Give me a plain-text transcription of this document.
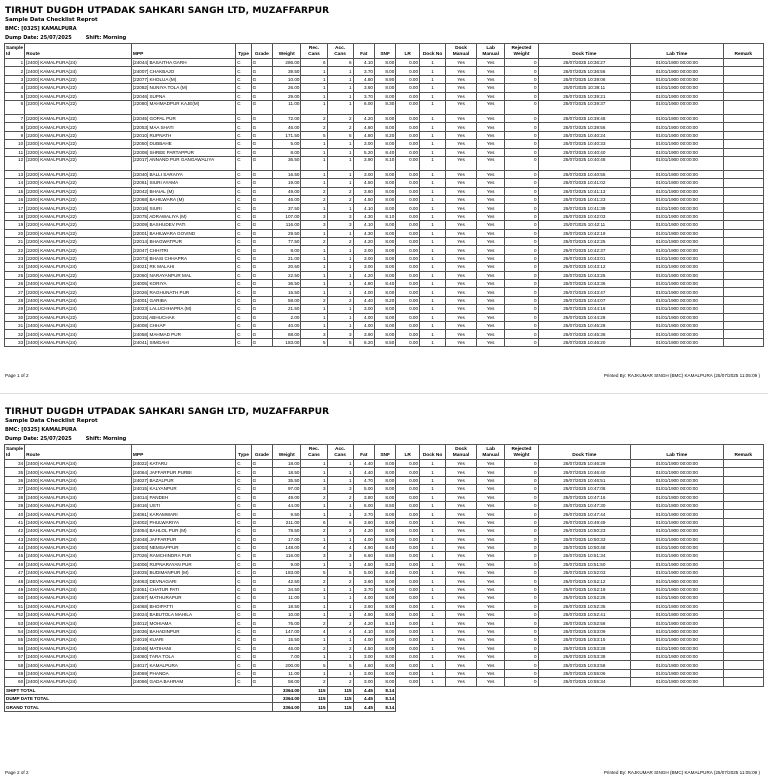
TIRHUT DUGDH UTPADAK SAHKARI SANGH LTD, MUZAFFARPUR
Sample Data Checklist Reprot
BMC: [0325] KAMALPURA
Dump Date: 25/07/2025	Shift: Morning
Sample Id	Route	MPP	Type	Grade	Weight	Rec. Cans	Acc. Cans	Fat	SNF	LR	Dock No	Dock Manual	Lab Manual	Rejected Weight	Dock Time	Lab Time	Remark
1	[2400] KAMALPURA(24)	[24044] BASAITHA GARH	C	G	286.00	6	6	4.10	8.00	0.00	1	Yes	Yes	0	25/07/2025 10:36:27	01/01/1900 00:00:00	
2	[2400] KAMALPURA(24)	[24007] CHAKBAJO	C	G	39.50	1	1	3.70	8.00	0.00	1	Yes	Yes	0	25/07/2025 10:36:56	01/01/1900 00:00:00	
3	[2200] KAMALPURA(22)	[22077] KHOLUA (M)	C	G	10.00	1	1	4.80	8.90	0.00	1	Yes	Yes	0	25/07/2025 10:39:06	01/01/1900 00:00:00	
4	[2200] KAMALPURA(22)	[22082] NUNIYA TOLA (M)	C	G	26.00	1	1	3.60	8.00	0.00	1	Yes	Yes	0	25/07/2025 10:39:11	01/01/1900 00:00:00	
5	[2200] KAMALPURA(22)	[22046] SUPNA	C	G	29.00	1	1	3.70	8.00	0.00	1	Yes	Yes	0	25/07/2025 10:39:21	01/01/1900 00:00:00	
6	[2200] KAMALPURA(22)	[22080] MAHMADPUR KAJE(M)	C	G	11.00	1	1	6.00	8.30	0.00	1	Yes	Yes	0	25/07/2025 10:39:37	01/01/1900 00:00:00	
7	[2200] KAMALPURA(22)	[22045] GOPAL PUR	C	G	72.00	2	2	4.20	8.00	0.00	1	Yes	Yes	0	25/07/2025 10:39:48	01/01/1900 00:00:00	
8	[2200] KAMALPURA(22)	[22053] MAA SHATI	C	G	46.00	2	2	4.60	8.00	0.00	1	Yes	Yes	0	25/07/2025 10:39:56	01/01/1900 00:00:00	
9	[2200] KAMALPURA(22)	[22010] RUPNATH	C	G	171.50	5	5	4.80	8.20	0.00	1	Yes	Yes	0	25/07/2025 10:40:24	01/01/1900 00:00:00	
10	[2200] KAMALPURA(22)	[22050] DUBBAHE	C	G	5.00	1	1	3.00	8.00	0.00	1	Yes	Yes	0	25/07/2025 10:40:33	01/01/1900 00:00:00	
11	[2200] KAMALPURA(22)	[22008] SHREE PARTAPPUR	C	G	8.00	1	1	5.20	8.40	0.00	1	Yes	Yes	0	25/07/2025 10:40:40	01/01/1900 00:00:00	
12	[2200] KAMALPURA(22)	[22017] ANNAND PUR GANGAWALIYA	C	G	36.50	1	1	3.90	8.10	0.00	1	Yes	Yes	0	25/07/2025 10:40:48	01/01/1900 00:00:00	
13	[2200] KAMALPURA(22)	[22040] BALLI SARAIYA	C	G	16.50	1	1	3.00	8.00	0.00	1	Yes	Yes	0	25/07/2025 10:40:55	01/01/1900 00:00:00	
14	[2200] KAMALPURA(22)	[22061] SIURI AYAMA	C	G	19.00	1	1	4.50	8.00	0.00	1	Yes	Yes	0	25/07/2025 10:41:02	01/01/1900 00:00:00	
15	[2200] KAMALPURA(22)	[22042] BHAIAL (M)	C	G	49.00	2	2	3.60	8.00	0.00	1	Yes	Yes	0	25/07/2025 10:41:13	01/01/1900 00:00:00	
16	[2200] KAMALPURA(22)	[22068] BAHILWARA (M)	C	G	46.00	2	2	4.50	8.00	0.00	1	Yes	Yes	0	25/07/2025 10:41:23	01/01/1900 00:00:00	
17	[2200] KAMALPURA(22)	[22016] SIURI	C	G	37.50	1	1	4.10	8.00	0.00	1	Yes	Yes	0	25/07/2025 10:41:39	01/01/1900 00:00:00	
18	[2200] KAMALPURA(22)	[22075] ADRAWALIYA (M)	C	G	107.00	3	3	4.30	8.10	0.00	1	Yes	Yes	0	25/07/2025 10:42:03	01/01/1900 00:00:00	
19	[2200] KAMALPURA(22)	[22009] BASHUDEV PATI	C	G	116.00	3	3	4.10	8.00	0.00	1	Yes	Yes	0	25/07/2025 10:42:11	01/01/1900 00:00:00	
20	[2200] KAMALPURA(22)	[22001] BAHILWARA GOVIND	C	G	29.50	1	1	4.30	8.00	0.00	1	Yes	Yes	0	25/07/2025 10:42:19	01/01/1900 00:00:00	
21	[2200] KAMALPURA(22)	[22014] BHAGWATPUR	C	G	77.50	2	2	4.20	8.00	0.00	1	Yes	Yes	0	25/07/2025 10:42:25	01/01/1900 00:00:00	
22	[2200] KAMALPURA(22)	[22047] CHHITRI	C	G	8.00	1	1	3.00	8.00	0.00	1	Yes	Yes	0	25/07/2025 10:42:37	01/01/1900 00:00:00	
23	[2200] KAMALPURA(22)	[22073] BHASI CHHAPRA	C	G	21.00	1	1	3.00	8.00	0.00	1	Yes	Yes	0	25/07/2025 10:43:01	01/01/1900 00:00:00	
24	[2400] KAMALPURA(24)	[24021] RK MALAHI	C	G	20.50	1	1	3.00	8.00	0.00	1	Yes	Yes	0	25/07/2025 10:43:12	01/01/1900 00:00:00	
25	[2200] KAMALPURA(22)	[22060] NARAYANPUR MAL	C	G	22.50	1	1	4.20	8.00	0.00	1	Yes	Yes	0	25/07/2025 10:43:25	01/01/1900 00:00:00	
26	[2400] KAMALPURA(24)	[24005] KORIYA	C	G	36.50	1	1	4.80	8.40	0.00	1	Yes	Yes	0	25/07/2025 10:43:36	01/01/1900 00:00:00	
27	[2200] KAMALPURA(22)	[22026] RAGHUNATH PUR	C	G	15.50	1	1	4.00	8.00	0.00	1	Yes	Yes	0	25/07/2025 10:43:47	01/01/1900 00:00:00	
28	[2400] KAMALPURA(24)	[24001] GARIBA	C	G	58.00	2	2	4.40	8.20	0.00	1	Yes	Yes	0	25/07/2025 10:44:07	01/01/1900 00:00:00	
29	[2400] KAMALPURA(24)	[24023] LALUCHHAPRA (M)	C	G	21.50	1	1	3.00	8.00	0.00	1	Yes	Yes	0	25/07/2025 10:44:18	01/01/1900 00:00:00	
30	[2200] KAMALPURA(22)	[22015] ABHUCHAK	C	G	2.00	1	1	4.00	8.00	0.00	1	Yes	Yes	0	25/07/2025 10:44:28	01/01/1900 00:00:00	
31	[2400] KAMALPURA(24)	[24008] CHHAP	C	G	40.00	1	1	4.00	8.00	0.00	1	Yes	Yes	0	25/07/2025 10:45:28	01/01/1900 00:00:00	
32	[2400] KAMALPURA(24)	[24058] MAHMAD PUR	C	G	88.00	3	3	3.90	8.00	0.00	1	Yes	Yes	0	25/07/2025 10:45:36	01/01/1900 00:00:00	
33	[2400] KAMALPURA(24)	[24041] SIMGAHI	C	G	183.00	5	5	6.20	8.50	0.00	1	Yes	Yes	0	25/07/2025 10:46:20	01/01/1900 00:00:00	
Page 1 of 2	Printed By: RAJKUMAR SINGH (BMC) KAMALPURA (25/07/2025 11:05:09 )
TIRHUT DUGDH UTPADAK SAHKARI SANGH LTD, MUZAFFARPUR
Sample Data Checklist Reprot
BMC: [0325] KAMALPURA
Dump Date: 25/07/2025	Shift: Morning
Sample Id	Route	MPP	Type	Grade	Weight	Rec. Cans	Acc. Cans	Fat	SNF	LR	Dock No	Dock Manual	Lab Manual	Rejected Weight	Dock Time	Lab Time	Remark
34	[2400] KAMALPURA(24)	[24022] KATARU	C	G	18.00	1	1	4.40	8.00	0.00	1	Yes	Yes	0	25/07/2025 10:46:29	01/01/1900 00:00:00	
35	[2400] KAMALPURA(24)	[24064] JAFFARPUR PURBI	C	G	18.50	1	1	4.40	8.00	0.00	1	Yes	Yes	0	25/07/2025 10:46:40	01/01/1900 00:00:00	
36	[2400] KAMALPURA(24)	[24027] BAZALPUR	C	G	35.50	1	1	4.70	8.00	0.00	1	Yes	Yes	0	25/07/2025 10:46:51	01/01/1900 00:00:00	
37	[2400] KAMALPURA(24)	[24015] KALYANPUR	C	G	97.00	3	3	5.00	8.00	0.00	1	Yes	Yes	0	25/07/2025 10:47:08	01/01/1900 00:00:00	
38	[2400] KAMALPURA(24)	[24014] PANDEH	C	G	49.00	2	2	3.80	8.00	0.00	1	Yes	Yes	0	25/07/2025 10:47:16	01/01/1900 00:00:00	
39	[2400] KAMALPURA(24)	[24016] USTI	C	G	44.00	1	1	6.00	8.50	0.00	1	Yes	Yes	0	25/07/2025 10:47:30	01/01/1900 00:00:00	
40	[2400] KAMALPURA(24)	[24061] KARAMWARI	C	G	9.50	1	1	3.70	8.00	0.00	1	Yes	Yes	0	25/07/2025 10:47:44	01/01/1900 00:00:00	
41	[2400] KAMALPURA(24)	[24002] PHULWARIYA	C	G	211.00	6	6	3.60	8.00	0.00	1	Yes	Yes	0	25/07/2025 10:49:49	01/01/1900 00:00:00	
42	[2400] KAMALPURA(24)	[24054] BAHLOL PUR (M)	C	G	78.50	2	2	4.20	8.00	0.00	1	Yes	Yes	0	25/07/2025 10:50:23	01/01/1900 00:00:00	
43	[2400] KAMALPURA(24)	[24048] JAFFARPUR	C	G	17.00	1	1	4.00	8.00	0.00	1	Yes	Yes	0	25/07/2025 10:50:33	01/01/1900 00:00:00	
44	[2400] KAMALPURA(24)	[24003] NEMSAPPUR	C	G	148.00	4	4	4.90	8.40	0.00	1	Yes	Yes	0	25/07/2025 10:50:48	01/01/1900 00:00:00	
45	[2400] KAMALPURA(24)	[27026] RAMCHINDRA PUR	C	G	116.00	3	3	6.60	8.80	0.00	1	Yes	Yes	0	25/07/2025 10:51:34	01/01/1900 00:00:00	
46	[2400] KAMALPURA(24)	[24006] RUPNARAYAN PUR	C	G	9.00	1	1	4.50	8.20	0.00	1	Yes	Yes	0	25/07/2025 10:51:50	01/01/1900 00:00:00	
47	[2400] KAMALPURA(24)	[24025] BUDIMANPUR (M)	C	G	183.00	5	5	5.00	8.40	0.00	1	Yes	Yes	0	25/07/2025 10:52:03	01/01/1900 00:00:00	
48	[2400] KAMALPURA(24)	[24063] DEVNAGARI	C	G	42.50	2	2	3.60	8.00	0.00	1	Yes	Yes	0	25/07/2025 10:52:12	01/01/1900 00:00:00	
49	[2400] KAMALPURA(24)	[24051] CHATUR PATI	C	G	34.50	1	1	3.70	8.00	0.00	1	Yes	Yes	0	25/07/2025 10:52:19	01/01/1900 00:00:00	
50	[2400] KAMALPURA(24)	[24067] MATHURAPUR	C	G	11.00	1	1	4.00	8.00	0.00	1	Yes	Yes	0	25/07/2025 10:52:26	01/01/1900 00:00:00	
51	[2400] KAMALPURA(24)	[24068] BHOIPATTI	C	G	18.50	1	1	3.60	8.00	0.00	1	Yes	Yes	0	25/07/2025 10:52:35	01/01/1900 00:00:00	
52	[2400] KAMALPURA(24)	[24024] BABUTOLA MAHILA	C	G	10.00	1	1	4.90	8.00	0.00	1	Yes	Yes	0	25/07/2025 10:52:41	01/01/1900 00:00:00	
53	[2400] KAMALPURA(24)	[24012] MOHIAMA	C	G	76.00	2	2	4.20	8.10	0.00	1	Yes	Yes	0	25/07/2025 10:52:58	01/01/1900 00:00:00	
54	[2400] KAMALPURA(24)	[24036] BAHADINPUR	C	G	147.00	4	4	4.10	8.00	0.00	1	Yes	Yes	0	25/07/2025 10:53:09	01/01/1900 00:00:00	
55	[2400] KAMALPURA(24)	[24019] KUARI	C	G	15.50	1	1	4.00	8.00	0.00	1	Yes	Yes	0	25/07/2025 10:53:15	01/01/1900 00:00:00	
56	[2400] KAMALPURA(24)	[24046] MATIHANI	C	G	46.00	2	2	4.50	8.00	0.00	1	Yes	Yes	0	25/07/2025 10:53:28	01/01/1900 00:00:00	
57	[2400] KAMALPURA(24)	[24060] TARA TOLA	C	G	7.00	1	1	3.00	8.00	0.00	1	Yes	Yes	0	25/07/2025 10:53:38	01/01/1900 00:00:00	
58	[2400] KAMALPURA(24)	[24017] KAMALPURA	C	G	200.00	5	5	4.60	8.00	0.00	1	Yes	Yes	0	25/07/2025 10:53:58	01/01/1900 00:00:00	
59	[2400] KAMALPURA(24)	[24069] PHANDA	C	G	11.00	1	1	3.00	8.00	0.00	1	Yes	Yes	0	25/07/2025 10:55:06	01/01/1900 00:00:00	
60	[2400] KAMALPURA(24)	[24066] GADA BAHRAM	C	G	58.00	2	2	3.00	8.00	0.00	1	Yes	Yes	0	25/07/2025 10:55:34	01/01/1900 00:00:00	
SHIFT TOTAL					3364.00	115	115	4.45	8.14								
DUMP DATE TOTAL					3364.00	115	115	4.45	8.14								
GRAND TOTAL					3364.00	115	115	4.45	8.14								
Page 2 of 2	Printed By: RAJKUMAR SINGH (BMC) KAMALPURA (25/07/2025 11:05:09 )
